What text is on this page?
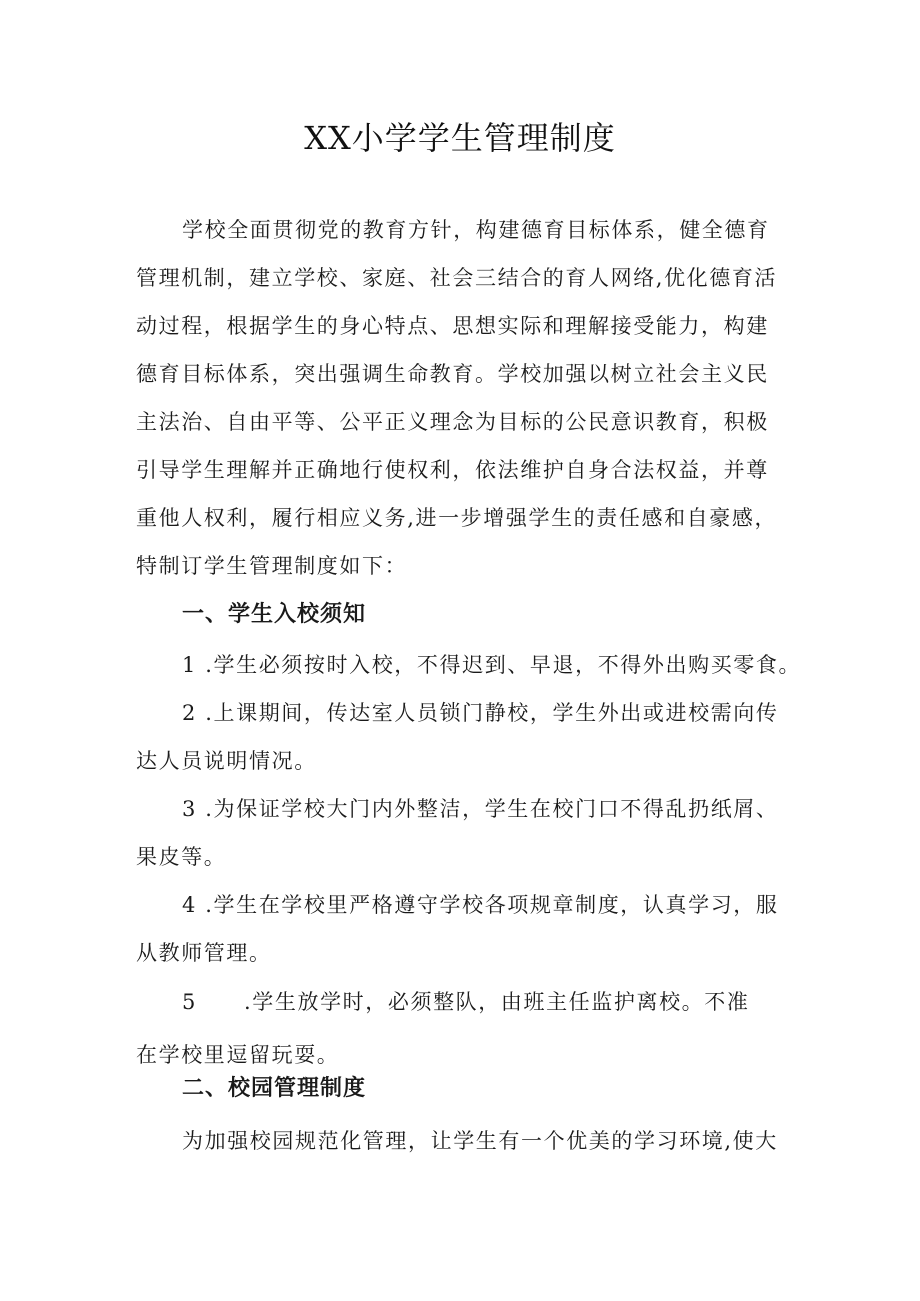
XX小学学生管理制度
学校全面贯彻党的教育方针，构建德育目标体系，健全德育
管理机制，建立学校、家庭、社会三结合的育人网络,优化德育活
动过程，根据学生的身心特点、思想实际和理解接受能力，构建
德育目标体系，突出强调生命教育。学校加强以树立社会主义民
主法治、自由平等、公平正义理念为目标的公民意识教育，积极
引导学生理解并正确地行使权利，依法维护自身合法权益，并尊
重他人权利，履行相应义务,进一步增强学生的责任感和自豪感，
特制订学生管理制度如下：
一、学生入校须知
1 .学生必须按时入校，不得迟到、早退，不得外出购买零食。
2 .上课期间，传达室人员锁门静校，学生外出或进校需向传
达人员说明情况。
3 .为保证学校大门内外整洁，学生在校门口不得乱扔纸屑、
果皮等。
4 .学生在学校里严格遵守学校各项规章制度，认真学习，服
从教师管理。
5	.学生放学时，必须整队，由班主任监护离校。不准
在学校里逗留玩耍。
二、校园管理制度
为加强校园规范化管理，让学生有一个优美的学习环境,使大
